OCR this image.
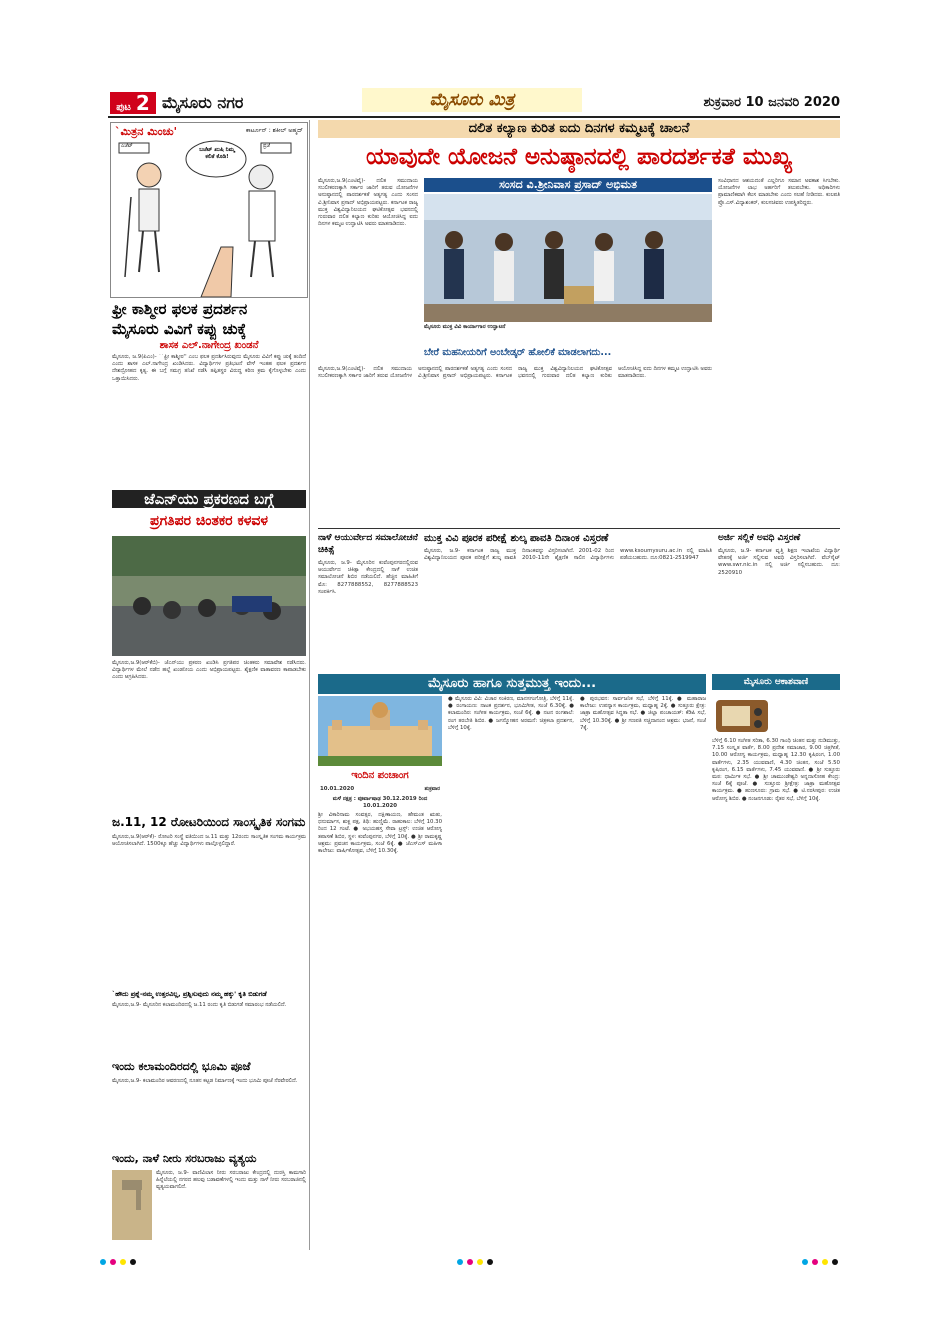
ಪುಟ 2 ಮೈಸೂರು ನಗರ	ಮೈಸೂರು ಮಿತ್ರ	ಶುಕ್ರವಾರ 10 ಜನವರಿ 2020
`ಮಿತ್ರನ ಮಿಂಚು'	ಕಾರ್ಟೂನ್ : ಶಕೀಲ್ ಅಹ್ಮದ್
ಬಜೆಟ್ ಖುಷಿ ನಿಮ್ಮ ಕಲಿತೆ ಕೊಡಿ!
ಎಜೆಟ್	ಪ್ರಜೆ
ಫ್ರೀ ಕಾಶ್ಮೀರ ಫಲಕ ಪ್ರದರ್ಶನ
ಮೈಸೂರು ವಿವಿಗೆ ಕಪ್ಪು ಚುಕ್ಕೆ
ಶಾಸಕ ಎಲ್.ನಾಗೇಂದ್ರ ಖಂಡನೆ
ಮೈಸೂರು, ಜ.9(ಪಿಎಂ)- ``ಫ್ರೀ ಕಾಶ್ಮೀರ'' ಎಂಬ ಫಲಕ ಪ್ರದರ್ಶಿಸಿರುವುದು ಮೈಸೂರು ವಿವಿಗೆ ಕಪ್ಪು ಚುಕ್ಕೆ ತಂದಿದೆ ಎಂದು ಶಾಸಕ ಎಲ್.ನಾಗೇಂದ್ರ ಖಂಡಿಸಿದರು. ವಿದ್ಯಾರ್ಥಿಗಳ ಪ್ರತಿಭಟನೆ ವೇಳೆ ಇಂತಹ ಫಲಕ ಪ್ರದರ್ಶನ ದೇಶದ್ರೋಹದ ಕೃತ್ಯ. ಈ ಬಗ್ಗೆ ಸಮಗ್ರ ತನಿಖೆ ನಡೆಸಿ ತಪ್ಪಿತಸ್ಥರ ವಿರುದ್ಧ ಕಠಿಣ ಕ್ರಮ ಕೈಗೊಳ್ಳಬೇಕು ಎಂದು ಒತ್ತಾಯಿಸಿದರು.
ಜೆಎನ್‌ಯು ಪ್ರಕರಣದ ಬಗ್ಗೆ
ಪ್ರಗತಿಪರ ಚಿಂತಕರ ಕಳವಳ
ಮೈಸೂರು,ಜ.9(ಆರ್‌ಕೆಬಿ)- ಜೆಎನ್‌ಯು ಪ್ರಕರಣ ಖಂಡಿಸಿ ಪ್ರಗತಿಪರ ಚಿಂತಕರು ಸಮಾವೇಶ ನಡೆಸಿದರು. ವಿದ್ಯಾರ್ಥಿಗಳ ಮೇಲೆ ನಡೆದ ಹಲ್ಲೆ ಖಂಡನೀಯ ಎಂದು ಅಭಿಪ್ರಾಯಪಟ್ಟರು. ಶೈಕ್ಷಣಿಕ ವಾತಾವರಣ ಕಾಪಾಡಬೇಕು ಎಂದು ಆಗ್ರಹಿಸಿದರು.
ಜ.11, 12 ರೋಟರಿಯಿಂದ ಸಾಂಸ್ಕೃತಿಕ ಸಂಗಮ
ಮೈಸೂರು,ಜ.9(ಆರ್‌ಕೆ)- ರೋಟರಿ ಸಂಸ್ಥೆ ವತಿಯಿಂದ ಜ.11 ಮತ್ತು 12ರಂದು ಸಾಂಸ್ಕೃತಿಕ ಸಂಗಮ ಕಾರ್ಯಕ್ರಮ ಆಯೋಜಿಸಲಾಗಿದೆ. 1500ಕ್ಕೂ ಹೆಚ್ಚು ವಿದ್ಯಾರ್ಥಿಗಳು ಪಾಲ್ಗೊಳ್ಳಲಿದ್ದಾರೆ.
`ಹೌದು ಪ್ರಶ್ನೆ-ನಮ್ಮ ಉತ್ತರವಿಲ್ಲ, ಪ್ರಶ್ನಿಸುವುದು ನಮ್ಮ ಹಕ್ಕು' ಕೃತಿ ಬಿಡುಗಡೆ
ಮೈಸೂರು,ಜ.9- ಮೈಸೂರಿನ ಕಲಾಮಂದಿರದಲ್ಲಿ ಜ.11 ರಂದು ಕೃತಿ ಬಿಡುಗಡೆ ಸಮಾರಂಭ ನಡೆಯಲಿದೆ.
ಇಂದು ಕಲಾಮಂದಿರದಲ್ಲಿ ಭೂಮಿ ಪೂಜೆ
ಮೈಸೂರು,ಜ.9- ಕಲಾಮಂದಿರ ಆವರಣದಲ್ಲಿ ನೂತನ ಕಟ್ಟಡ ನಿರ್ಮಾಣಕ್ಕೆ ಇಂದು ಭೂಮಿ ಪೂಜೆ ನೆರವೇರಲಿದೆ.
ಇಂದು, ನಾಳೆ ನೀರು ಸರಬರಾಜು ವ್ಯತ್ಯಯ
ಮೈಸೂರು, ಜ.9- ವಾಣಿವಿಲಾಸ ನೀರು ಸರಬರಾಜು ಕೇಂದ್ರದಲ್ಲಿ ದುರಸ್ತಿ ಕಾಮಗಾರಿ ಹಿನ್ನೆಲೆಯಲ್ಲಿ ನಗರದ ಹಲವು ಬಡಾವಣೆಗಳಲ್ಲಿ ಇಂದು ಮತ್ತು ನಾಳೆ ನೀರು ಸರಬರಾಜಿನಲ್ಲಿ ವ್ಯತ್ಯಯವಾಗಲಿದೆ.
ದಲಿತ ಕಲ್ಯಾಣ ಕುರಿತ ಐದು ದಿನಗಳ ಕಮ್ಮಟಕ್ಕೆ ಚಾಲನೆ
ಯಾವುದೇ ಯೋಜನೆ ಅನುಷ್ಠಾನದಲ್ಲಿ ಪಾರದರ್ಶಕತೆ ಮುಖ್ಯ
ಮೈಸೂರು,ಜ.9(ಎಂಟಿವೈ)- ದಲಿತ ಸಮುದಾಯ ಸಬಲೀಕರಣಕ್ಕಾಗಿ ಸರ್ಕಾರ ಜಾರಿಗೆ ತರುವ ಯೋಜನೆಗಳ ಅನುಷ್ಠಾನದಲ್ಲಿ ಪಾರದರ್ಶಕತೆ ಅತ್ಯಗತ್ಯ ಎಂದು ಸಂಸದ ವಿ.ಶ್ರೀನಿವಾಸ ಪ್ರಸಾದ್ ಅಭಿಪ್ರಾಯಪಟ್ಟರು. ಕರ್ನಾಟಕ ರಾಜ್ಯ ಮುಕ್ತ ವಿಶ್ವವಿದ್ಯಾನಿಲಯದ ಘಟಿಕೋತ್ಸವ ಭವನದಲ್ಲಿ ಗುರುವಾರ ದಲಿತ ಕಲ್ಯಾಣ ಕುರಿತು ಆಯೋಜಿಸಿದ್ದ ಐದು ದಿನಗಳ ಕಮ್ಮಟ ಉದ್ಘಾಟಿಸಿ ಅವರು ಮಾತನಾಡಿದರು.
ಸಂಸದ ವಿ.ಶ್ರೀನಿವಾಸ ಪ್ರಸಾದ್ ಅಭಿಮತ
ಮೈಸೂರು ಮುಕ್ತ ವಿವಿ ಕಾರ್ಯಾಗಾರ ಉದ್ಘಾಟನೆ
ಸಂವಿಧಾನದ ಆಶಯದಂತೆ ಎಲ್ಲರಿಗೂ ಸಮಾನ ಅವಕಾಶ ಸಿಗಬೇಕು. ಯೋಜನೆಗಳ ಲಾಭ ಅರ್ಹರಿಗೆ ತಲುಪಬೇಕು. ಅಧಿಕಾರಿಗಳು ಪ್ರಾಮಾಣಿಕವಾಗಿ ಕೆಲಸ ಮಾಡಬೇಕು ಎಂದು ಸಲಹೆ ನೀಡಿದರು. ಕುಲಪತಿ ಪ್ರೊ.ಎಸ್.ವಿದ್ಯಾಶಂಕರ್, ಕುಲಸಚಿವರು ಉಪಸ್ಥಿತರಿದ್ದರು.
ಬೇರೆ ಮಹನೀಯರಿಗೆ ಅಂಬೇಡ್ಕರ್ ಹೋಲಿಕೆ ಮಾಡಲಾಗದು...
ಮೈಸೂರು,ಜ.9(ಎಂಟಿವೈ)- ದಲಿತ ಸಮುದಾಯ ಸಬಲೀಕರಣಕ್ಕಾಗಿ ಸರ್ಕಾರ ಜಾರಿಗೆ ತರುವ ಯೋಜನೆಗಳ ಅನುಷ್ಠಾನದಲ್ಲಿ ಪಾರದರ್ಶಕತೆ ಅತ್ಯಗತ್ಯ ಎಂದು ಸಂಸದ ವಿ.ಶ್ರೀನಿವಾಸ ಪ್ರಸಾದ್ ಅಭಿಪ್ರಾಯಪಟ್ಟರು. ಕರ್ನಾಟಕ ರಾಜ್ಯ ಮುಕ್ತ ವಿಶ್ವವಿದ್ಯಾನಿಲಯದ ಘಟಿಕೋತ್ಸವ ಭವನದಲ್ಲಿ ಗುರುವಾರ ದಲಿತ ಕಲ್ಯಾಣ ಕುರಿತು ಆಯೋಜಿಸಿದ್ದ ಐದು ದಿನಗಳ ಕಮ್ಮಟ ಉದ್ಘಾಟಿಸಿ ಅವರು ಮಾತನಾಡಿದರು.
ನಾಳೆ ಆಯುರ್ವೇದ ಸಮಾಲೋಚನೆ ಚಿಕಿತ್ಸೆ
ಮೈಸೂರು, ಜ.9- ಮೈಸೂರಿನ ಕುವೆಂಪುನಗರದಲ್ಲಿರುವ ಆಯುರ್ವೇದ ಚಿಕಿತ್ಸಾ ಕೇಂದ್ರದಲ್ಲಿ ನಾಳೆ ಉಚಿತ ಸಮಾಲೋಚನೆ ಶಿಬಿರ ನಡೆಯಲಿದೆ. ಹೆಚ್ಚಿನ ಮಾಹಿತಿಗೆ ಮೊ: 8277888552, 8277888523 ಸಂಪರ್ಕಿಸಿ.
ಮುಕ್ತ ವಿವಿ ಪೂರಕ ಪರೀಕ್ಷೆ ಶುಲ್ಕ ಪಾವತಿ ದಿನಾಂಕ ವಿಸ್ತರಣೆ
ಮೈಸೂರು, ಜ.9- ಕರ್ನಾಟಕ ರಾಜ್ಯ ಮುಕ್ತ ವಿಶ್ವವಿದ್ಯಾನಿಲಯದ ಪೂರಕ ಪರೀಕ್ಷೆಗೆ ಶುಲ್ಕ ಪಾವತಿ ದಿನಾಂಕವನ್ನು ವಿಸ್ತರಿಸಲಾಗಿದೆ. 2001-02 ರಿಂದ 2010-11ನೇ ಶೈಕ್ಷಣಿಕ ಸಾಲಿನ ವಿದ್ಯಾರ್ಥಿಗಳು www.ksoumysuru.ac.in ನಲ್ಲಿ ಮಾಹಿತಿ ಪಡೆಯಬಹುದು. ದೂ:0821-2519947
ಅರ್ಜಿ ಸಲ್ಲಿಕೆ ಅವಧಿ ವಿಸ್ತರಣೆ
ಮೈಸೂರು, ಜ.9- ಕರ್ನಾಟಕ ವೃತ್ತಿ ಶಿಕ್ಷಣ ಇಲಾಖೆಯ ವಿದ್ಯಾರ್ಥಿ ವೇತನಕ್ಕೆ ಅರ್ಜಿ ಸಲ್ಲಿಸುವ ಅವಧಿ ವಿಸ್ತರಿಸಲಾಗಿದೆ. ವೆಬ್‌ಸೈಟ್ www.swr.nic.in ನಲ್ಲಿ ಅರ್ಜಿ ಸಲ್ಲಿಸಬಹುದು. ದೂ: 2520910
ಮೈಸೂರು ಹಾಗೂ ಸುತ್ತಮುತ್ತ ಇಂದು...
ಇಂದಿನ ಪಂಚಾಂಗ
10.01.2020	ಶುಕ್ರವಾರ
ಮಳೆ ನಕ್ಷತ್ರ : ಪೂರ್ವಾಷಾಢ 30.12.2019 ರಿಂದ 10.01.2020
ಶ್ರೀ ವಿಕಾರಿನಾಮ ಸಂವತ್ಸರ, ದಕ್ಷಿಣಾಯಣ, ಹೇಮಂತ ಋತು, ಧನುರ್ಮಾಸ, ಶುಕ್ಲ ಪಕ್ಷ, ತಿಥಿ: ಹುಣ್ಣಿಮೆ. ರಾಹುಕಾಲ: ಬೆಳಿಗ್ಗೆ 10.30 ರಿಂದ 12 ಗಂಟೆ. ● ಅಭಯಹಸ್ತ ಸೇವಾ ಟ್ರಸ್ಟ್: ಉಚಿತ ಆರೋಗ್ಯ ತಪಾಸಣೆ ಶಿಬಿರ, ಸ್ಥಳ: ಕುವೆಂಪುನಗರ, ಬೆಳಿಗ್ಗೆ 10ಕ್ಕೆ. ● ಶ್ರೀ ರಾಮಕೃಷ್ಣ ಆಶ್ರಮ: ಪ್ರವಚನ ಕಾರ್ಯಕ್ರಮ, ಸಂಜೆ 6ಕ್ಕೆ. ● ಜೆಎಸ್‌ಎಸ್ ಮಹಿಳಾ ಕಾಲೇಜು: ವಾರ್ಷಿಕೋತ್ಸವ, ಬೆಳಿಗ್ಗೆ 10.30ಕ್ಕೆ.
● ಮೈಸೂರು ವಿವಿ: ವಿಚಾರ ಸಂಕಿರಣ, ಮಾನಸಗಂಗೋತ್ರಿ, ಬೆಳಿಗ್ಗೆ 11ಕ್ಕೆ. ● ರಂಗಾಯಣ: ನಾಟಕ ಪ್ರದರ್ಶನ, ಭೂಮಿಗೀತ, ಸಂಜೆ 6.30ಕ್ಕೆ. ● ಕಲಾಮಂದಿರ: ಸಂಗೀತ ಕಾರ್ಯಕ್ರಮ, ಸಂಜೆ 6ಕ್ಕೆ. ● ನಟನ ರಂಗಶಾಲೆ: ರಂಗ ತರಬೇತಿ ಶಿಬಿರ. ● ಜಗನ್ಮೋಹನ ಅರಮನೆ: ಚಿತ್ರಕಲಾ ಪ್ರದರ್ಶನ, ಬೆಳಿಗ್ಗೆ 10ಕ್ಕೆ.
● ಪುರಭವನ: ಸಾರ್ವಜನಿಕ ಸಭೆ, ಬೆಳಿಗ್ಗೆ 11ಕ್ಕೆ. ● ಮಹಾರಾಜ ಕಾಲೇಜು: ಉಪನ್ಯಾಸ ಕಾರ್ಯಕ್ರಮ, ಮಧ್ಯಾಹ್ನ 2ಕ್ಕೆ. ● ಸುತ್ತೂರು ಕ್ಷೇತ್ರ: ಜಾತ್ರಾ ಮಹೋತ್ಸವ ಸಿದ್ಧತಾ ಸಭೆ. ● ಜಿಲ್ಲಾ ಪಂಚಾಯತ್: ಕೆಡಿಪಿ ಸಭೆ, ಬೆಳಿಗ್ಗೆ 10.30ಕ್ಕೆ. ● ಶ್ರೀ ಗಣಪತಿ ಸಚ್ಚಿದಾನಂದ ಆಶ್ರಮ: ಭಜನೆ, ಸಂಜೆ 7ಕ್ಕೆ.
ಮೈಸೂರು ಆಕಾಶವಾಣಿ
ಬೆಳಿಗ್ಗೆ 6.10 ಸಂಗೀತ ಸರಿತಾ, 6.30 ಗಾಂಧಿ ಚಿಂತನ ಮತ್ತು ನುಡಿಮುತ್ತು, 7.15 ಸಂಸ್ಕೃತ ವಾರ್ತೆ, 8.00 ಪ್ರದೇಶ ಸಮಾಚಾರ, 9.00 ಚಿತ್ರಗೀತೆ, 10.00 ಆರೋಗ್ಯ ಕಾರ್ಯಕ್ರಮ, ಮಧ್ಯಾಹ್ನ 12.30 ಕೃಷಿರಂಗ, 1.00 ವಾರ್ತೆಗಳು, 2.35 ಯುವವಾಣಿ, 4.30 ಚಿಂತನ, ಸಂಜೆ 5.50 ಕೃಷಿರಂಗ, 6.15 ವಾರ್ತೆಗಳು, 7.45 ಯುವವಾಣಿ. ● ಶ್ರೀ ಸುತ್ತೂರು ಮಠ: ಧಾರ್ಮಿಕ ಸಭೆ. ● ಶ್ರೀ ಚಾಮುಂಡೇಶ್ವರಿ ಅನ್ನದಾಸೋಹ ಕೇಂದ್ರ: ಸಂಜೆ 6ಕ್ಕೆ ಪೂಜೆ. ● ಸುತ್ತೂರು ಶ್ರೀಕ್ಷೇತ್ರ: ಜಾತ್ರಾ ಮಹೋತ್ಸವ ಕಾರ್ಯಕ್ರಮ. ● ಹುಣಸೂರು: ಗ್ರಾಮ ಸಭೆ. ● ಟಿ.ನರಸೀಪುರ: ಉಚಿತ ಆರೋಗ್ಯ ಶಿಬಿರ. ● ನಂಜನಗೂಡು: ರೈತರ ಸಭೆ, ಬೆಳಿಗ್ಗೆ 10ಕ್ಕೆ.
